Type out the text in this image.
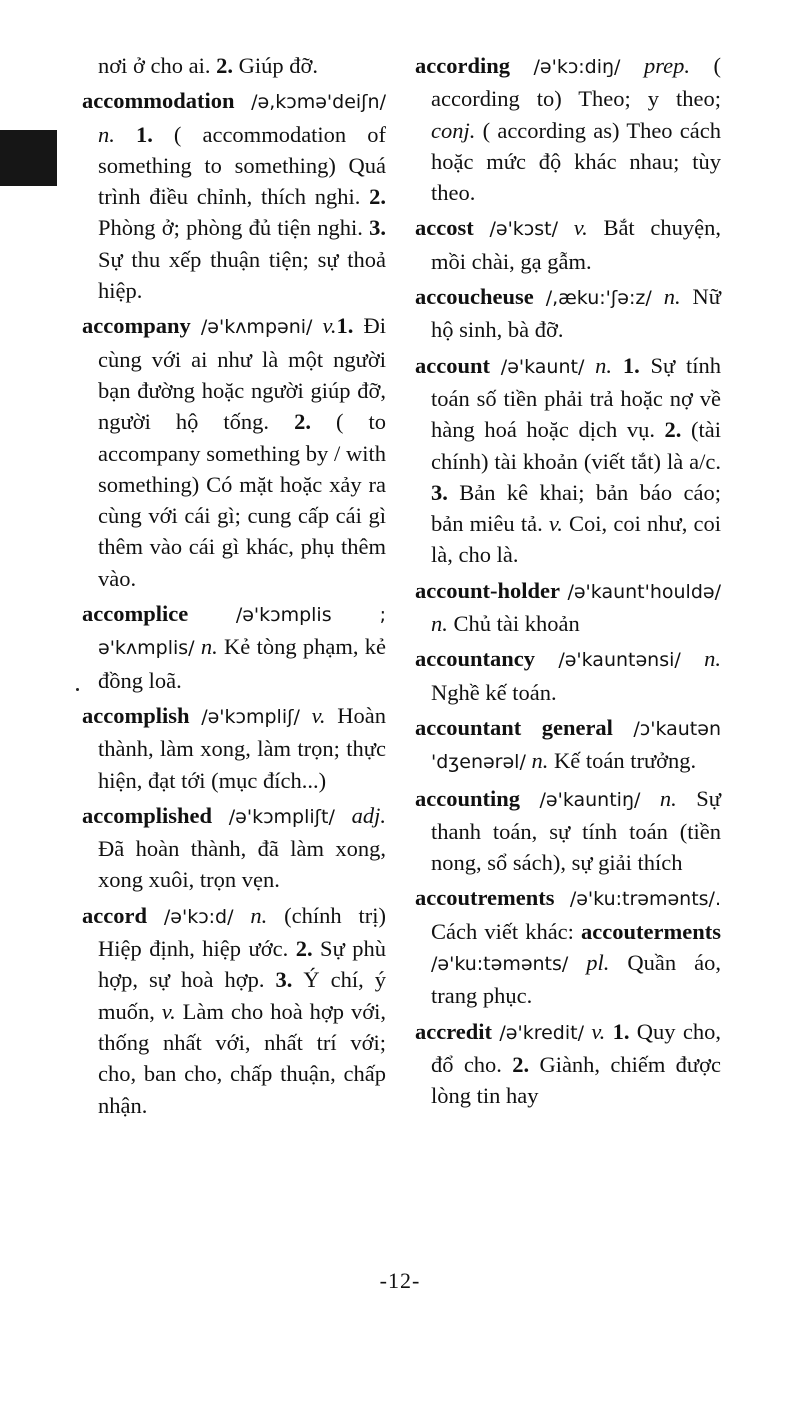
nơi ở cho ai. 2. Giúp đỡ.

accommodation /ə,kɔmə'deiʃn/ n. 1. ( accommodation of something to something) Quá trình điều chỉnh, thích nghi. 2. Phòng ở; phòng đủ tiện nghi. 3. Sự thu xếp thuận tiện; sự thoả hiệp.

accompany /ə'kʌmpəni/ v.1. Đi cùng với ai như là một người bạn đường hoặc người giúp đỡ, người hộ tống. 2. ( to accompany something by / with something) Có mặt hoặc xảy ra cùng với cái gì; cung cấp cái gì thêm vào cái gì khác, phụ thêm vào.

accomplice	/ə'kɔmplis ; ə'kʌmplis/ n. Kẻ tòng phạm, kẻ đồng loã.

accomplish /ə'kɔmpliʃ/ v. Hoàn thành, làm xong, làm trọn; thực hiện, đạt tới (mục đích...)

accomplished /ə'kɔmpliʃt/ adj. Đã hoàn thành, đã làm xong, xong xuôi, trọn vẹn.

accord /ə'kɔ:d/ n. (chính trị) Hiệp định, hiệp ước. 2. Sự phù hợp, sự hoà hợp. 3. Ý chí, ý muốn, v. Làm cho hoà hợp với, thống nhất với, nhất trí với; cho, ban cho, chấp thuận, chấp nhận.

according /ə'kɔ:diŋ/ prep. ( according to) Theo; y theo; conj. ( according as) Theo cách hoặc mức độ khác nhau; tùy theo.

accost /ə'kɔst/ v. Bắt chuyện, mồi chài, gạ gẫm.

accoucheuse /,æku:'ʃə:z/ n. Nữ hộ sinh, bà đỡ.

account /ə'kaunt/ n. 1. Sự tính toán số tiền phải trả hoặc nợ về hàng hoá hoặc dịch vụ. 2. (tài chính) tài khoản (viết tắt) là a/c. 3. Bản kê khai; bản báo cáo; bản miêu tả. v. Coi, coi như, coi là, cho là.

account-holder /ə'kaunt'houldə/ n. Chủ tài khoản

accountancy /ə'kauntənsi/ n. Nghề kế toán.

accountant general /ɔ'kautən 'dʒenərəl/ n. Kế toán trưởng.

accounting /ə'kauntiŋ/ n. Sự thanh toán, sự tính toán (tiền nong, sổ sách), sự giải thích

accoutrements /ə'ku:trəmənts/. Cách viết khác: accouterments /ə'ku:təmənts/ pl. Quần áo, trang phục.

accredit /ə'kredit/ v. 1. Quy cho, đổ cho. 2. Giành, chiếm được lòng tin hay

-12-
